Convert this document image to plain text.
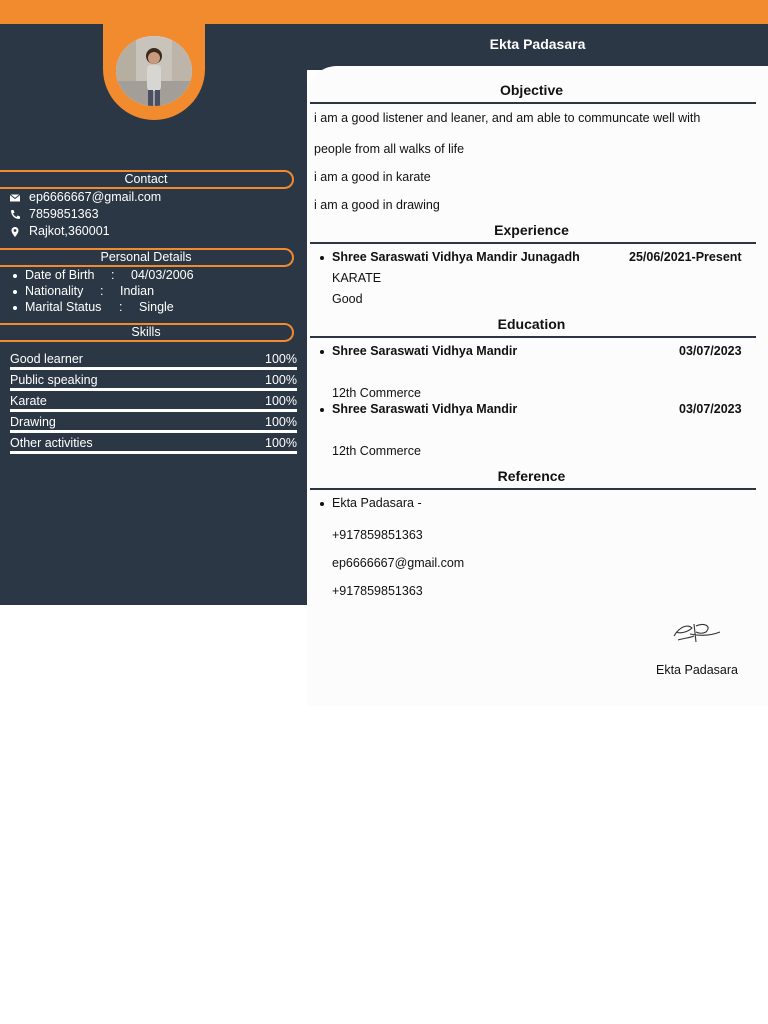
Ekta Padasara
Contact
ep6666667@gmail.com
7859851363
Rajkot,360001
Personal Details
Date of Birth : 04/03/2006
Nationality : Indian
Marital Status : Single
Skills
Good learner	100%
Public speaking	100%
Karate	100%
Drawing	100%
Other activities	100%
Objective
i am a good listener and leaner, and am able to communcate well with
people from all walks of life
i am a good in karate
i am a good in drawing
Experience
Shree Saraswati Vidhya Mandir Junagadh	25/06/2021-Present
KARATE
Good
Education
Shree Saraswati Vidhya Mandir	03/07/2023
12th Commerce
Shree Saraswati Vidhya Mandir	03/07/2023
12th Commerce
Reference
Ekta Padasara -
+917859851363
ep6666667@gmail.com
+917859851363
Ekta Padasara
